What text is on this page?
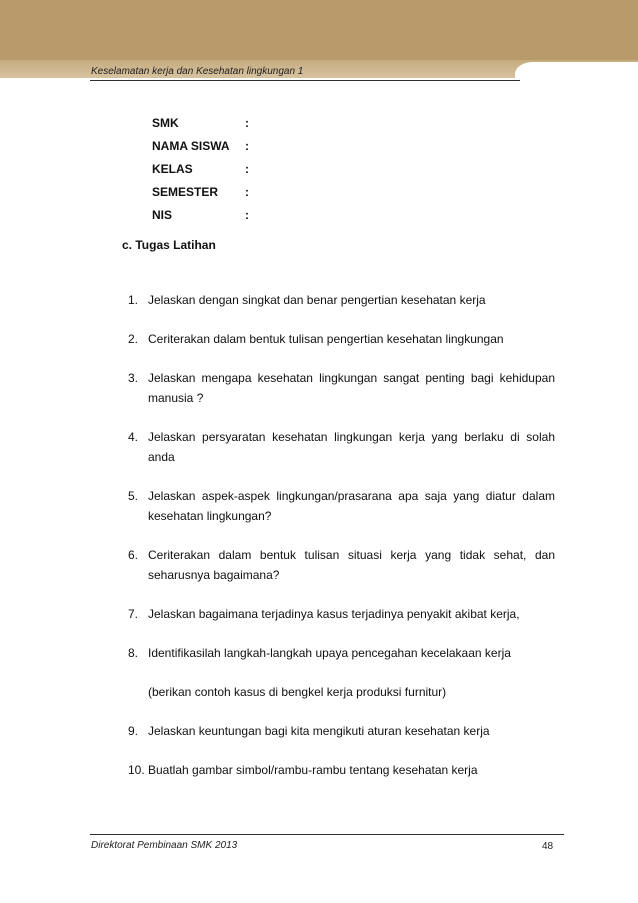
Keselamatan kerja dan Kesehatan lingkungan 1
SMK	:
NAMA SISWA :
KELAS	:
SEMESTER :
NIS	:
c. Tugas Latihan
1. Jelaskan dengan singkat dan benar pengertian kesehatan kerja
2. Ceriterakan dalam bentuk tulisan pengertian kesehatan lingkungan
3. Jelaskan mengapa kesehatan lingkungan sangat penting bagi kehidupan manusia ?
4. Jelaskan persyaratan kesehatan lingkungan kerja yang berlaku di solah anda
5. Jelaskan aspek-aspek lingkungan/prasarana apa saja yang diatur dalam kesehatan lingkungan?
6. Ceriterakan dalam bentuk tulisan situasi kerja yang tidak sehat, dan seharusnya bagaimana?
7. Jelaskan bagaimana terjadinya kasus terjadinya penyakit akibat kerja,
8. Identifikasilah langkah-langkah upaya pencegahan kecelakaan kerja
(berikan contoh kasus di bengkel kerja produksi furnitur)
9. Jelaskan keuntungan bagi kita mengikuti aturan kesehatan kerja
10. Buatlah gambar simbol/rambu-rambu tentang kesehatan kerja
Direktorat Pembinaan SMK 2013	48
